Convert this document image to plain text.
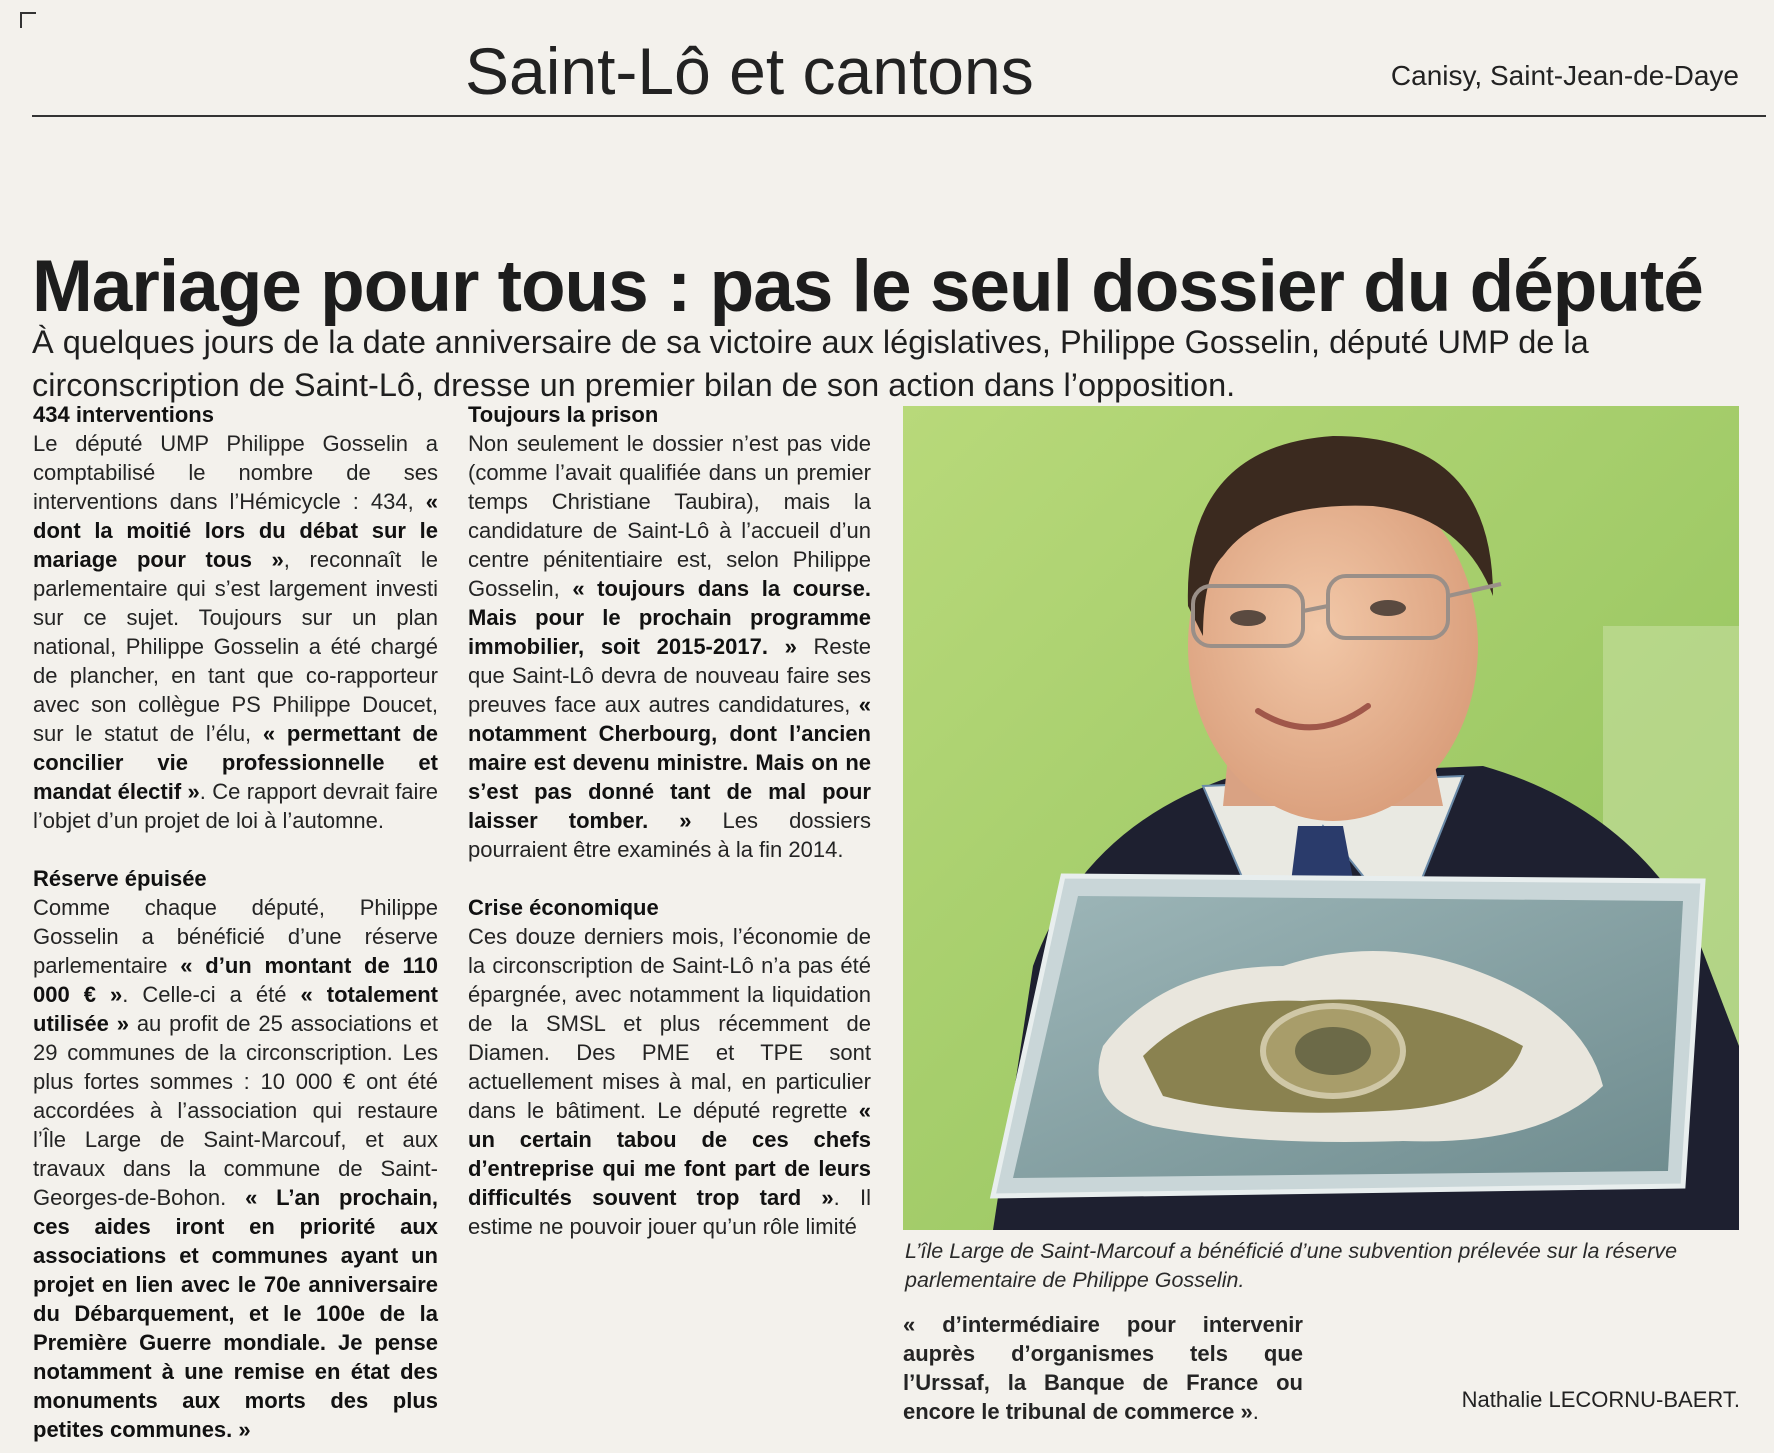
Saint-Lô et cantons	Canisy, Saint-Jean-de-Daye
Mariage pour tous : pas le seul dossier du député

À quelques jours de la date anniversaire de sa victoire aux législatives, Philippe Gosselin, député UMP de la circonscription de Saint-Lô, dresse un premier bilan de son action dans l’opposition.

434 interventions

Le député UMP Philippe Gosselin a comptabilisé le nombre de ses interventions dans l’Hémicycle : 434, « dont la moitié lors du débat sur le mariage pour tous », reconnaît le parlementaire qui s’est largement investi sur ce sujet. Toujours sur un plan national, Philippe Gosselin a été chargé de plancher, en tant que co-rapporteur avec son collègue PS Philippe Doucet, sur le statut de l’élu, « permettant de concilier vie professionnelle et mandat électif ». Ce rapport devrait faire l’objet d’un projet de loi à l’automne.

Réserve épuisée

Comme chaque député, Philippe Gosselin a bénéficié d’une réserve parlementaire « d’un montant de 110 000 € ». Celle-ci a été « totalement utilisée » au profit de 25 associations et 29 communes de la circonscription. Les plus fortes sommes : 10 000 € ont été accordées à l’association qui restaure l’Île Large de Saint-Marcouf, et aux travaux dans la commune de Saint-Georges-de-Bohon. « L’an prochain, ces aides iront en priorité aux associations et communes ayant un projet en lien avec le 70e anniversaire du Débarquement, et le 100e de la Première Guerre mondiale. Je pense notamment à une remise en état des monuments aux morts des plus petites communes. »

Toujours la prison

Non seulement le dossier n’est pas vide (comme l’avait qualifiée dans un premier temps Christiane Taubira), mais la candidature de Saint-Lô à l’accueil d’un centre pénitentiaire est, selon Philippe Gosselin, « toujours dans la course. Mais pour le prochain programme immobilier, soit 2015-2017. » Reste que Saint-Lô devra de nouveau faire ses preuves face aux autres candidatures, « notamment Cherbourg, dont l’ancien maire est devenu ministre. Mais on ne s’est pas donné tant de mal pour laisser tomber. » Les dossiers pourraient être examinés à la fin 2014.

Crise économique

Ces douze derniers mois, l’économie de la circonscription de Saint-Lô n’a pas été épargnée, avec notamment la liquidation de la SMSL et plus récemment de Diamen. Des PME et TPE sont actuellement mises à mal, en particulier dans le bâtiment. Le député regrette « un certain tabou de ces chefs d’entreprise qui me font part de leurs difficultés souvent trop tard ». Il estime ne pouvoir jouer qu’un rôle limité

L’île Large de Saint-Marcouf a bénéficié d’une subvention prélevée sur la réserve parlementaire de Philippe Gosselin.
« d’intermédiaire pour intervenir auprès d’organismes tels que l’Urssaf, la Banque de France ou encore le tribunal de commerce ».	Nathalie LECORNU-BAERT.
